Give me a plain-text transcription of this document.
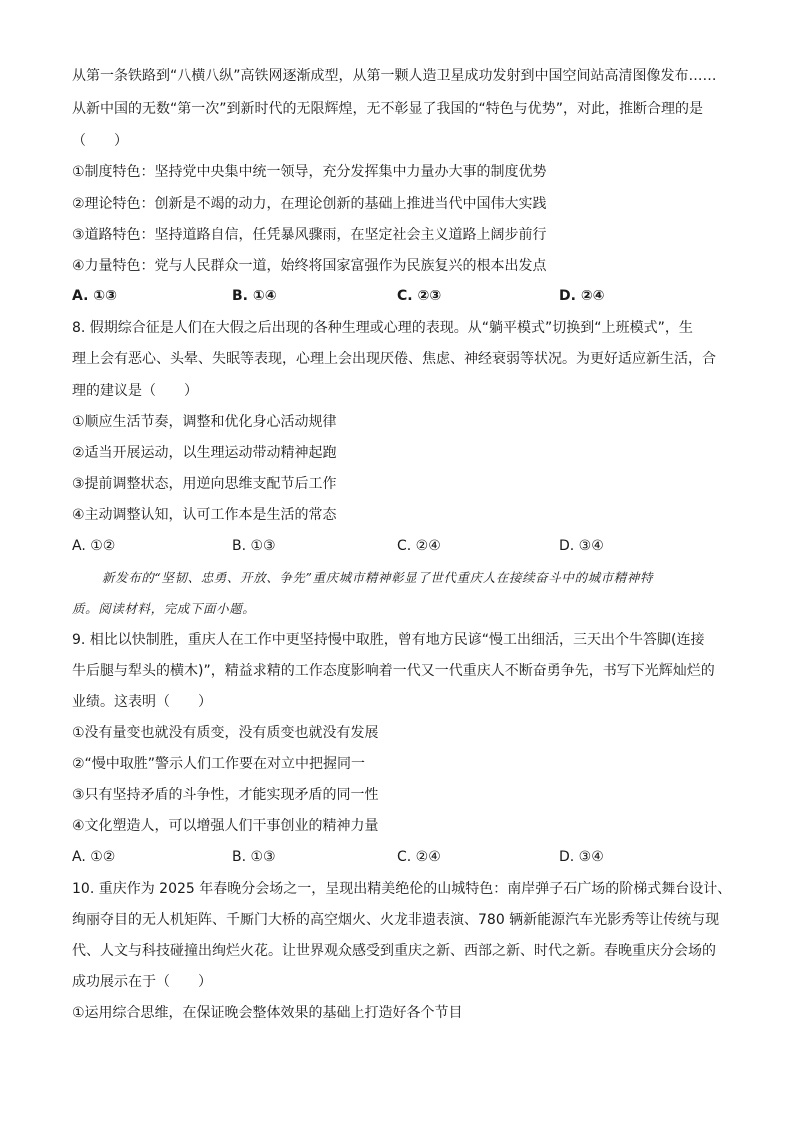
从第一条铁路到“八横八纵”高铁网逐渐成型，从第一颗人造卫星成功发射到中国空间站高清图像发布……
从新中国的无数“第一次”到新时代的无限辉煌，无不彰显了我国的“特色与优势”，对此，推断合理的是
（　　）
①制度特色：坚持党中央集中统一领导，充分发挥集中力量办大事的制度优势
②理论特色：创新是不竭的动力，在理论创新的基础上推进当代中国伟大实践
③道路特色：坚持道路自信，任凭暴风骤雨，在坚定社会主义道路上阔步前行
④力量特色：党与人民群众一道，始终将国家富强作为民族复兴的根本出发点
A. ①③	B. ①④	C. ②③	D. ②④
8. 假期综合征是人们在大假之后出现的各种生理或心理的表现。从“躺平模式”切换到“上班模式”，生
理上会有恶心、头晕、失眠等表现，心理上会出现厌倦、焦虑、神经衰弱等状况。为更好适应新生活，合
理的建议是（　　）
①顺应生活节奏，调整和优化身心活动规律
②适当开展运动，以生理运动带动精神起跑
③提前调整状态，用逆向思维支配节后工作
④主动调整认知，认可工作本是生活的常态
A. ①②	B. ①③	C. ②④	D. ③④
新发布的“坚韧、忠勇、开放、争先”重庆城市精神彰显了世代重庆人在接续奋斗中的城市精神特
质。阅读材料，完成下面小题。
9. 相比以快制胜，重庆人在工作中更坚持慢中取胜，曾有地方民谚“慢工出细活，三天出个牛答脚(连接
牛后腿与犁头的横木)”，精益求精的工作态度影响着一代又一代重庆人不断奋勇争先，书写下光辉灿烂的
业绩。这表明（　　）
①没有量变也就没有质变，没有质变也就没有发展
②“慢中取胜”警示人们工作要在对立中把握同一
③只有坚持矛盾的斗争性，才能实现矛盾的同一性
④文化塑造人，可以增强人们干事创业的精神力量
A. ①②	B. ①③	C. ②④	D. ③④
10. 重庆作为 2025 年春晚分会场之一，呈现出精美绝伦的山城特色：南岸弹子石广场的阶梯式舞台设计、
绚丽夺目的无人机矩阵、千厮门大桥的高空烟火、火龙非遗表演、780 辆新能源汽车光影秀等让传统与现
代、人文与科技碰撞出绚烂火花。让世界观众感受到重庆之新、西部之新、时代之新。春晚重庆分会场的
成功展示在于（　　）
①运用综合思维，在保证晚会整体效果的基础上打造好各个节目
